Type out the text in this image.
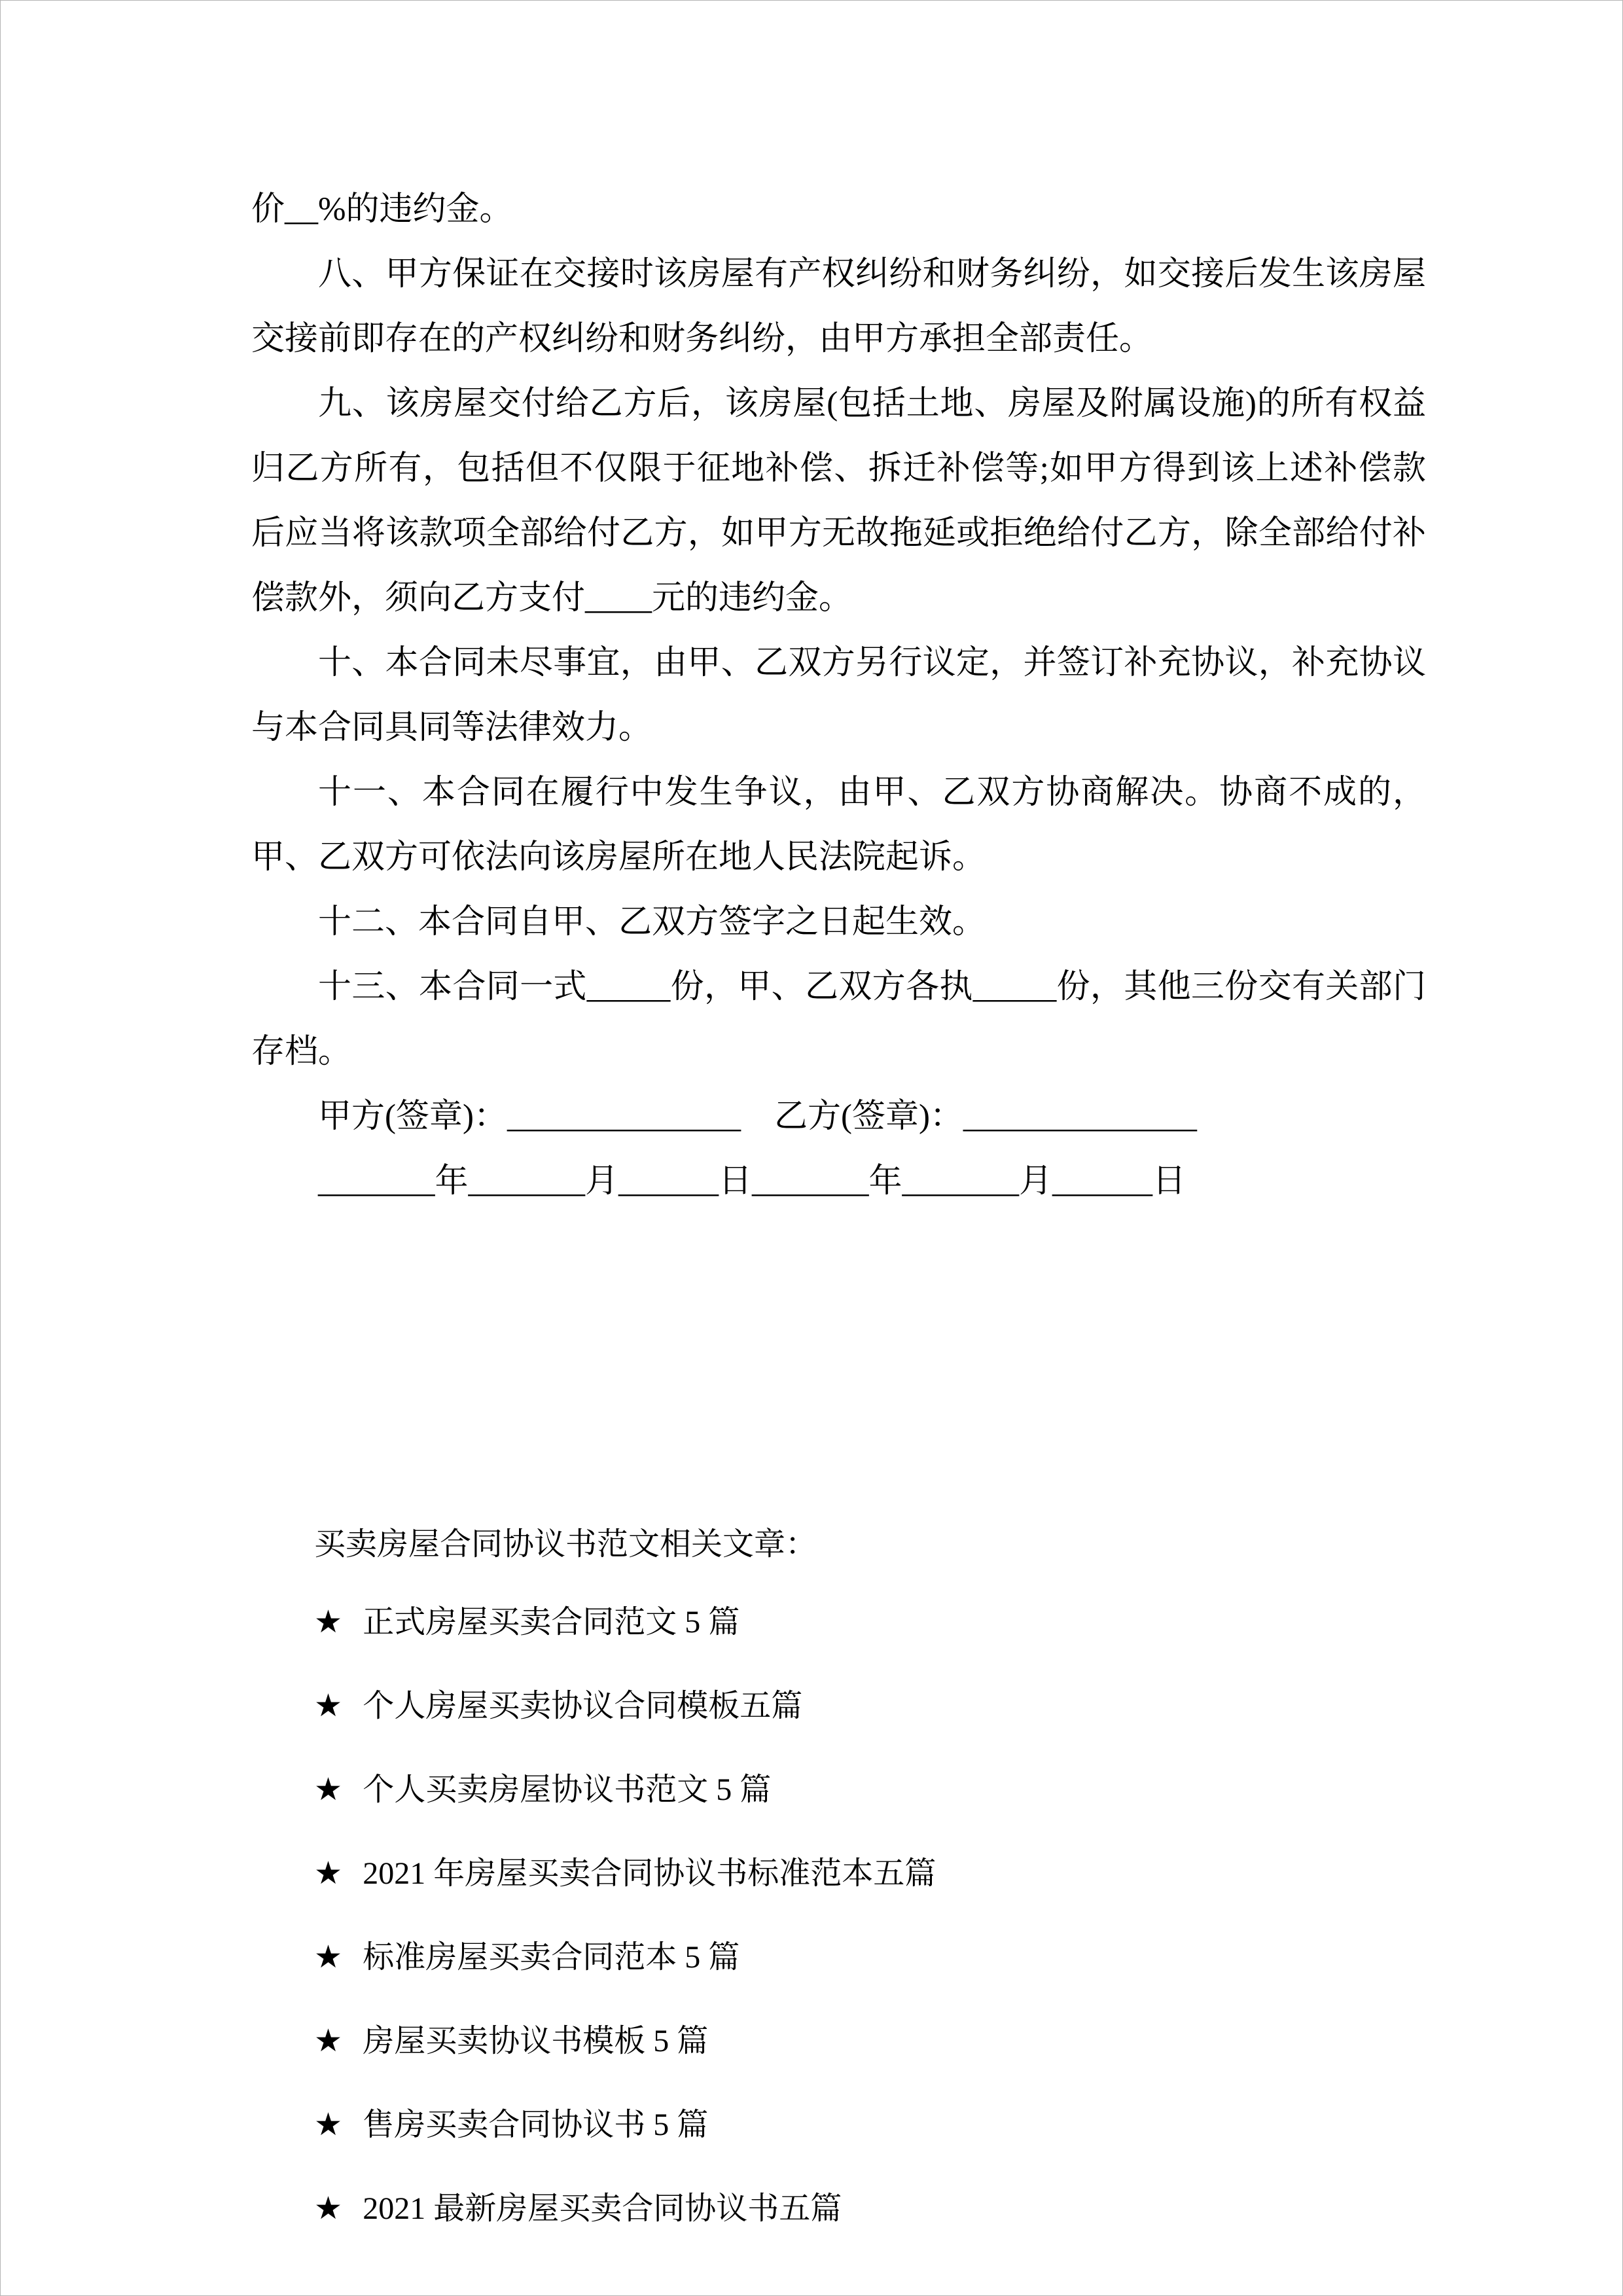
价__%的违约金。

八、甲方保证在交接时该房屋有产权纠纷和财务纠纷，如交接后发生该房屋交接前即存在的产权纠纷和财务纠纷，由甲方承担全部责任。

九、该房屋交付给乙方后，该房屋(包括土地、房屋及附属设施)的所有权益归乙方所有，包括但不仅限于征地补偿、拆迁补偿等;如甲方得到该上述补偿款后应当将该款项全部给付乙方，如甲方无故拖延或拒绝给付乙方，除全部给付补偿款外，须向乙方支付____元的违约金。

十、本合同未尽事宜，由甲、乙双方另行议定，并签订补充协议，补充协议与本合同具同等法律效力。

十一、本合同在履行中发生争议，由甲、乙双方协商解决。协商不成的，甲、乙双方可依法向该房屋所在地人民法院起诉。

十二、本合同自甲、乙双方签字之日起生效。

十三、本合同一式_____份，甲、乙双方各执_____份，其他三份交有关部门存档。

甲方(签章)：______________　乙方(签章)：______________

_______年_______月______日_______年_______月______日

买卖房屋合同协议书范文相关文章：

★ 正式房屋买卖合同范文 5 篇
★ 个人房屋买卖协议合同模板五篇
★ 个人买卖房屋协议书范文 5 篇
★ 2021 年房屋买卖合同协议书标准范本五篇
★ 标准房屋买卖合同范本 5 篇
★ 房屋买卖协议书模板 5 篇
★ 售房买卖合同协议书 5 篇
★ 2021 最新房屋买卖合同协议书五篇
